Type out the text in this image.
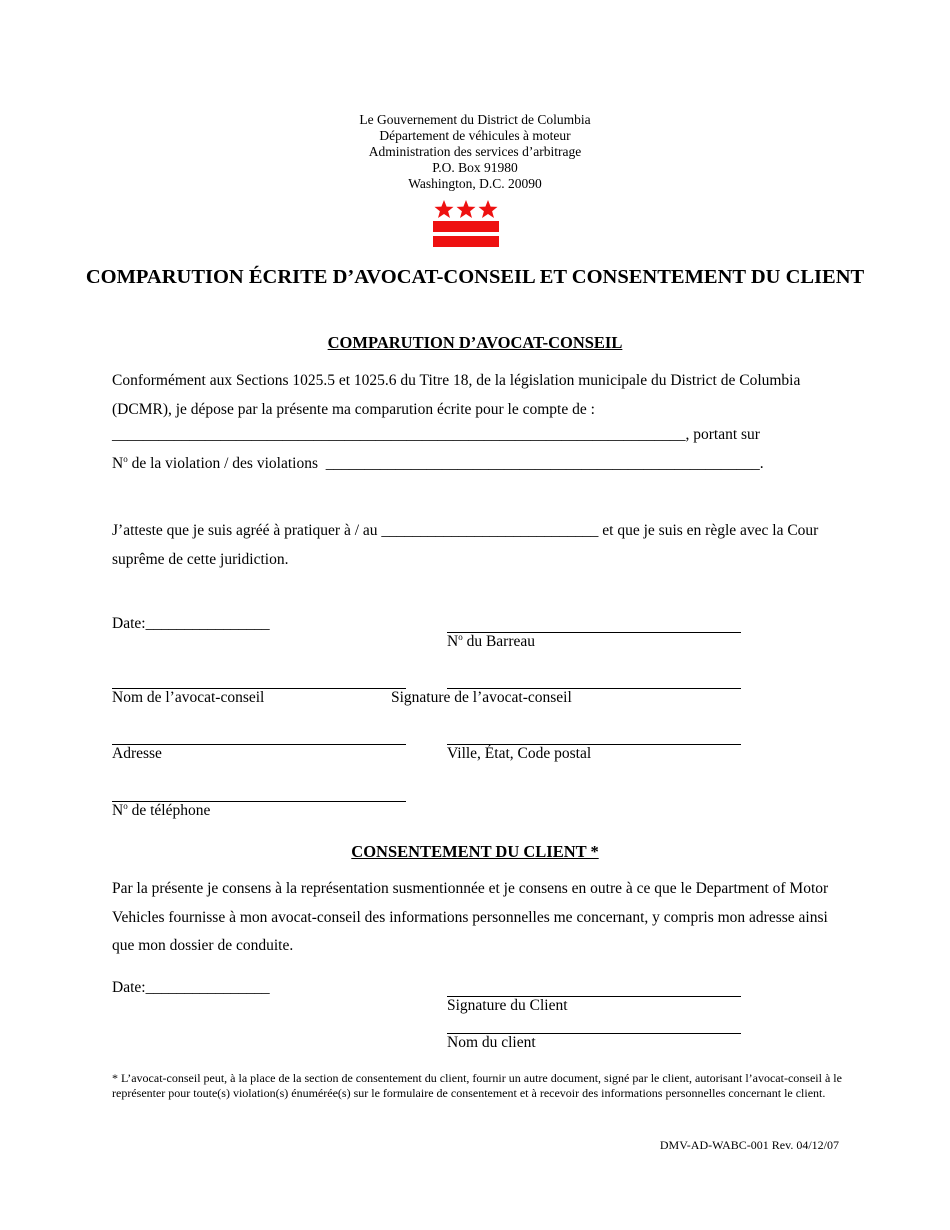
Le Gouvernement du District de Columbia
Département de véhicules à moteur
Administration des services d’arbitrage
P.O. Box 91980
Washington, D.C. 20090
COMPARUTION ÉCRITE D’AVOCAT-CONSEIL ET CONSENTEMENT DU CLIENT
COMPARUTION D’AVOCAT-CONSEIL
Conformément aux Sections 1025.5 et 1025.6 du Titre 18, de la législation municipale du District de Columbia (DCMR), je dépose par la présente ma comparution écrite pour le compte de :
__________________________________________________________________________, portant sur
$N^o$ de la violation / des violations  ________________________________________________________.
J’atteste que je suis agréé à pratiquer à / au ____________________________ et que je suis en règle avec la Cour suprême de cette juridiction.
Date:________________
$N^o$ du Barreau
Nom de l’avocat-conseil	Signature de l’avocat-conseil
Adresse	Ville, État, Code postal
$N^o$ de téléphone
CONSENTEMENT DU CLIENT *
Par la présente je consens à la représentation susmentionnée et je consens en outre à ce que le Department of Motor Vehicles fournisse à mon avocat-conseil des informations personnelles me concernant, y compris mon adresse ainsi que mon dossier de conduite.
Date:________________
Signature du Client
Nom du client
* L’avocat-conseil peut, à la place de la section de consentement du client, fournir un autre document, signé par le client, autorisant l’avocat-conseil à le représenter pour toute(s) violation(s) énumérée(s) sur le formulaire de consentement et à recevoir des informations personnelles concernant le client.
DMV-AD-WABC-001 Rev. 04/12/07
